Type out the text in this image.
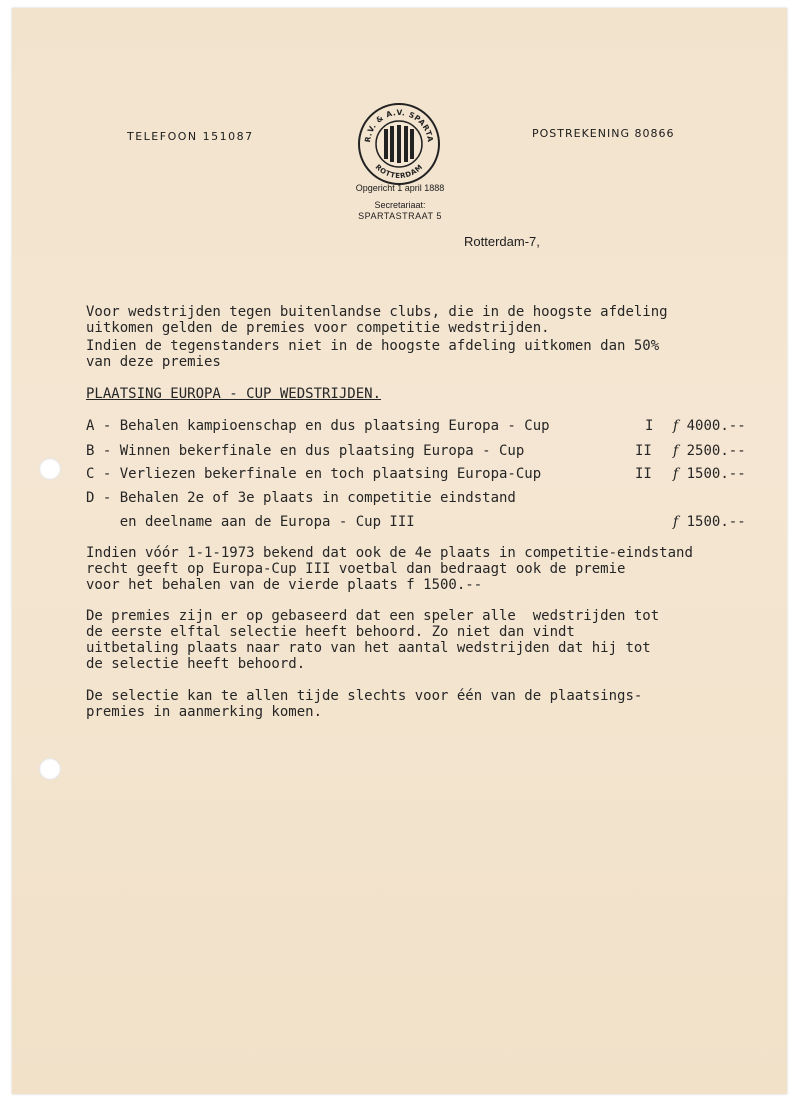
TELEFOON 151087	POSTREKENING 80866
R.V. & A.V. SPARTA
ROTTERDAM
Opgericht 1 april 1888
Secretariaat:
SPARTASTRAAT 5
Rotterdam-7,
Voor wedstrijden tegen buitenlandse clubs, die in de hoogste afdeling
uitkomen gelden de premies voor competitie wedstrijden.
Indien de tegenstanders niet in de hoogste afdeling uitkomen dan 50%
van deze premies
PLAATSING EUROPA - CUP WEDSTRIJDEN.
A - Behalen kampioenschap en dus plaatsing Europa - Cup	I f 4000.--
B - Winnen bekerfinale en dus plaatsing Europa - Cup	II f 2500.--
C - Verliezen bekerfinale en toch plaatsing Europa-Cup	II f 1500.--
D - Behalen 2e of 3e plaats in competitie eindstand
en deelname aan de Europa - Cup III	f 1500.--
Indien vóór 1-1-1973 bekend dat ook de 4e plaats in competitie-eindstand
recht geeft op Europa-Cup III voetbal dan bedraagt ook de premie
voor het behalen van de vierde plaats f 1500.--
De premies zijn er op gebaseerd dat een speler alle  wedstrijden tot
de eerste elftal selectie heeft behoord. Zo niet dan vindt
uitbetaling plaats naar rato van het aantal wedstrijden dat hij tot
de selectie heeft behoord.
De selectie kan te allen tijde slechts voor één van de plaatsings-
premies in aanmerking komen.
